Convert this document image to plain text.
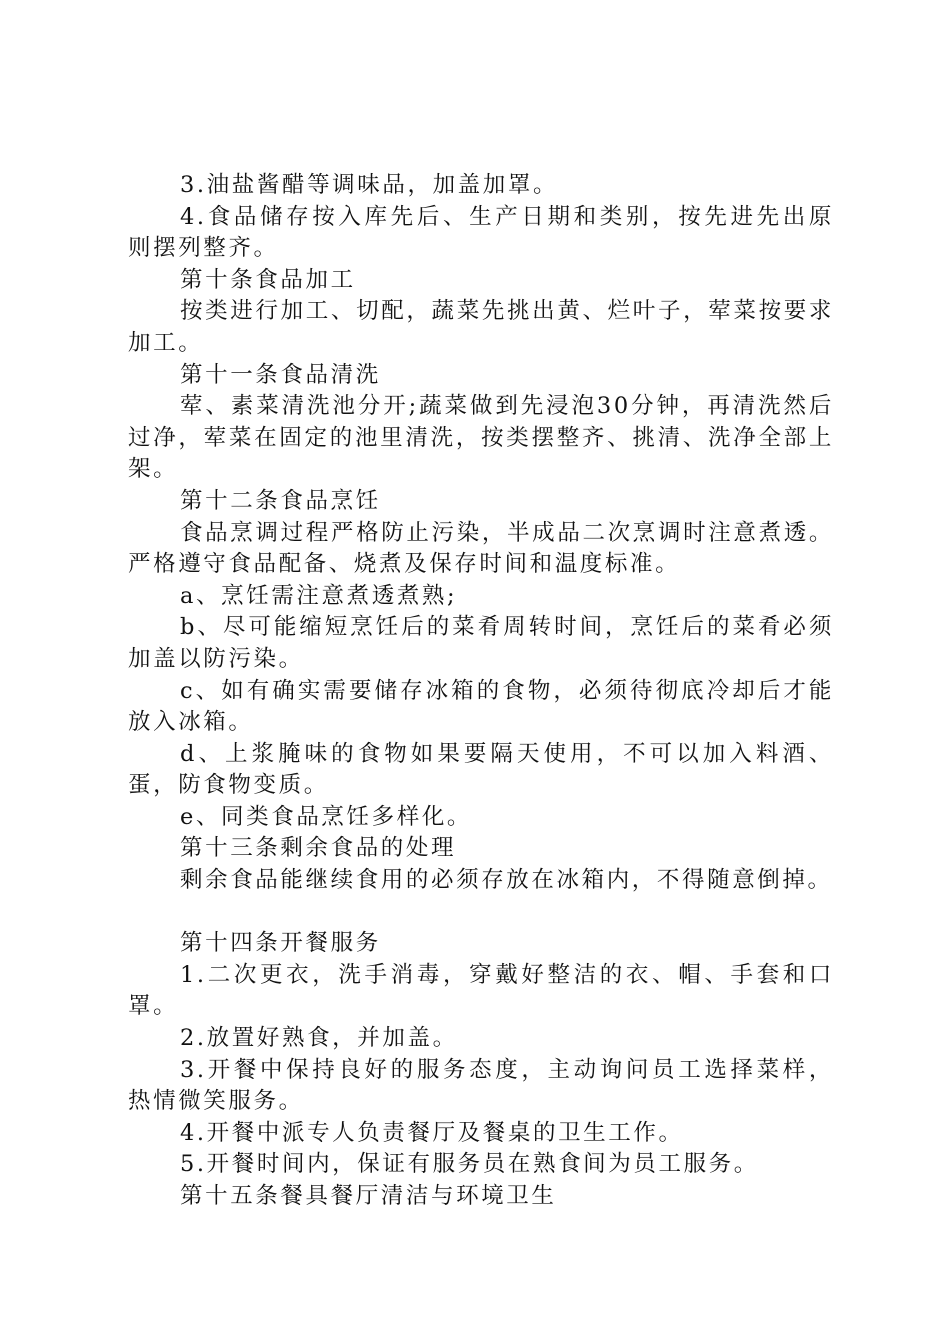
3.油盐酱醋等调味品，加盖加罩。

4.食品储存按入库先后、生产日期和类别，按先进先出原则摆列整齐。

第十条食品加工

按类进行加工、切配，蔬菜先挑出黄、烂叶子，荤菜按要求加工。

第十一条食品清洗

荤、素菜清洗池分开;蔬菜做到先浸泡30分钟，再清洗然后过净，荤菜在固定的池里清洗，按类摆整齐、挑清、洗净全部上架。

第十二条食品烹饪

食品烹调过程严格防止污染，半成品二次烹调时注意煮透。严格遵守食品配备、烧煮及保存时间和温度标准。

a、烹饪需注意煮透煮熟;

b、尽可能缩短烹饪后的菜肴周转时间，烹饪后的菜肴必须加盖以防污染。

c、如有确实需要储存冰箱的食物，必须待彻底冷却后才能放入冰箱。

d、上浆腌味的食物如果要隔天使用，不可以加入料酒、蛋，防食物变质。

e、同类食品烹饪多样化。

第十三条剩余食品的处理

剩余食品能继续食用的必须存放在冰箱内，不得随意倒掉。

第十四条开餐服务

1.二次更衣，洗手消毒，穿戴好整洁的衣、帽、手套和口罩。

2.放置好熟食，并加盖。

3.开餐中保持良好的服务态度，主动询问员工选择菜样，热情微笑服务。

4.开餐中派专人负责餐厅及餐桌的卫生工作。

5.开餐时间内，保证有服务员在熟食间为员工服务。

第十五条餐具餐厅清洁与环境卫生
